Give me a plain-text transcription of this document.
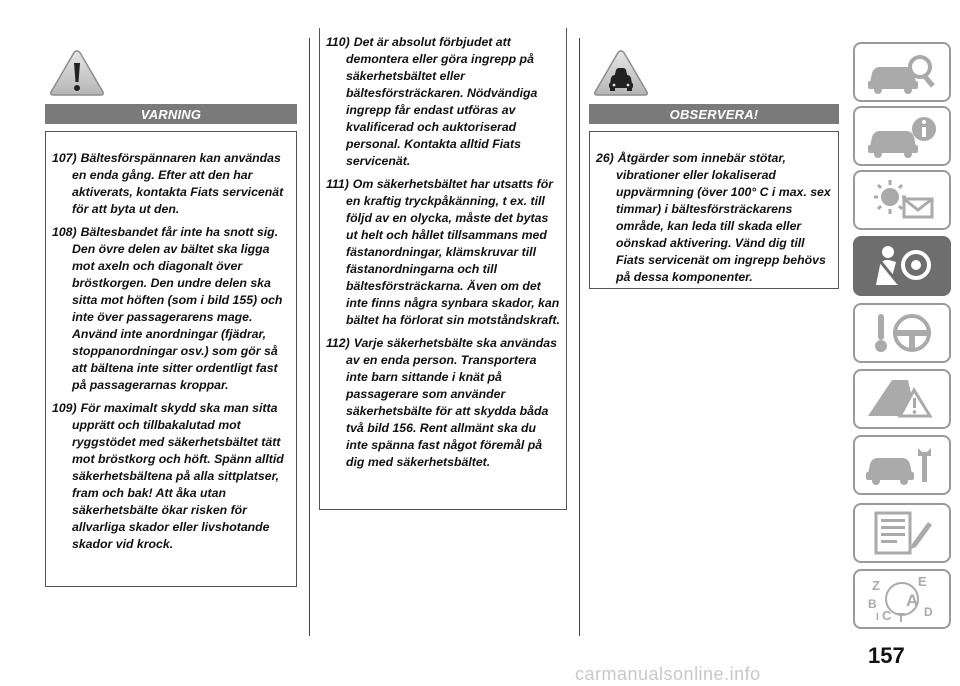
VARNING

107) Bältesförspännaren kan användas en enda gång. Efter att den har aktiverats, kontakta Fiats servicenät för att byta ut den.

108) Bältesbandet får inte ha snott sig. Den övre delen av bältet ska ligga mot axeln och diagonalt över bröstkorgen. Den undre delen ska sitta mot höften (som i bild 155) och inte över passagerarens mage. Använd inte anordningar (fjädrar, stoppanordningar osv.) som gör så att bältena inte sitter ordentligt fast på passagerarnas kroppar.

109) För maximalt skydd ska man sitta upprätt och tillbakalutad mot ryggstödet med säkerhetsbältet tätt mot bröstkorg och höft. Spänn alltid säkerhetsbältena på alla sittplatser, fram och bak! Att åka utan säkerhetsbälte ökar risken för allvarliga skador eller livshotande skador vid krock.

110) Det är absolut förbjudet att demontera eller göra ingrepp på säkerhetsbältet eller bältesförsträckaren. Nödvändiga ingrepp får endast utföras av kvalificerad och auktoriserad personal. Kontakta alltid Fiats servicenät.

111) Om säkerhetsbältet har utsatts för en kraftig tryckpåkänning, t ex. till följd av en olycka, måste det bytas ut helt och hållet tillsammans med fästanordningar, klämskruvar till fästanordningarna och till bältesförsträckarna. Även om det inte finns några synbara skador, kan bältet ha förlorat sin motståndskraft.

112) Varje säkerhetsbälte ska användas av en enda person. Transportera inte barn sittande i knät på passagerare som använder säkerhetsbälte för att skydda båda två bild 156. Rent allmänt ska du inte spänna fast något föremål på dig med säkerhetsbältet.

OBSERVERA!

26) Åtgärder som innebär stötar, vibrationer eller lokaliserad uppvärmning (över 100° C i max. sex timmar) i bältesförsträckarens område, kan leda till skada eller oönskad aktivering. Vänd dig till Fiats servicenät om ingrepp behövs på dessa komponenter.

Z	E
B A
C T D
I
157
carmanualsonline.info
